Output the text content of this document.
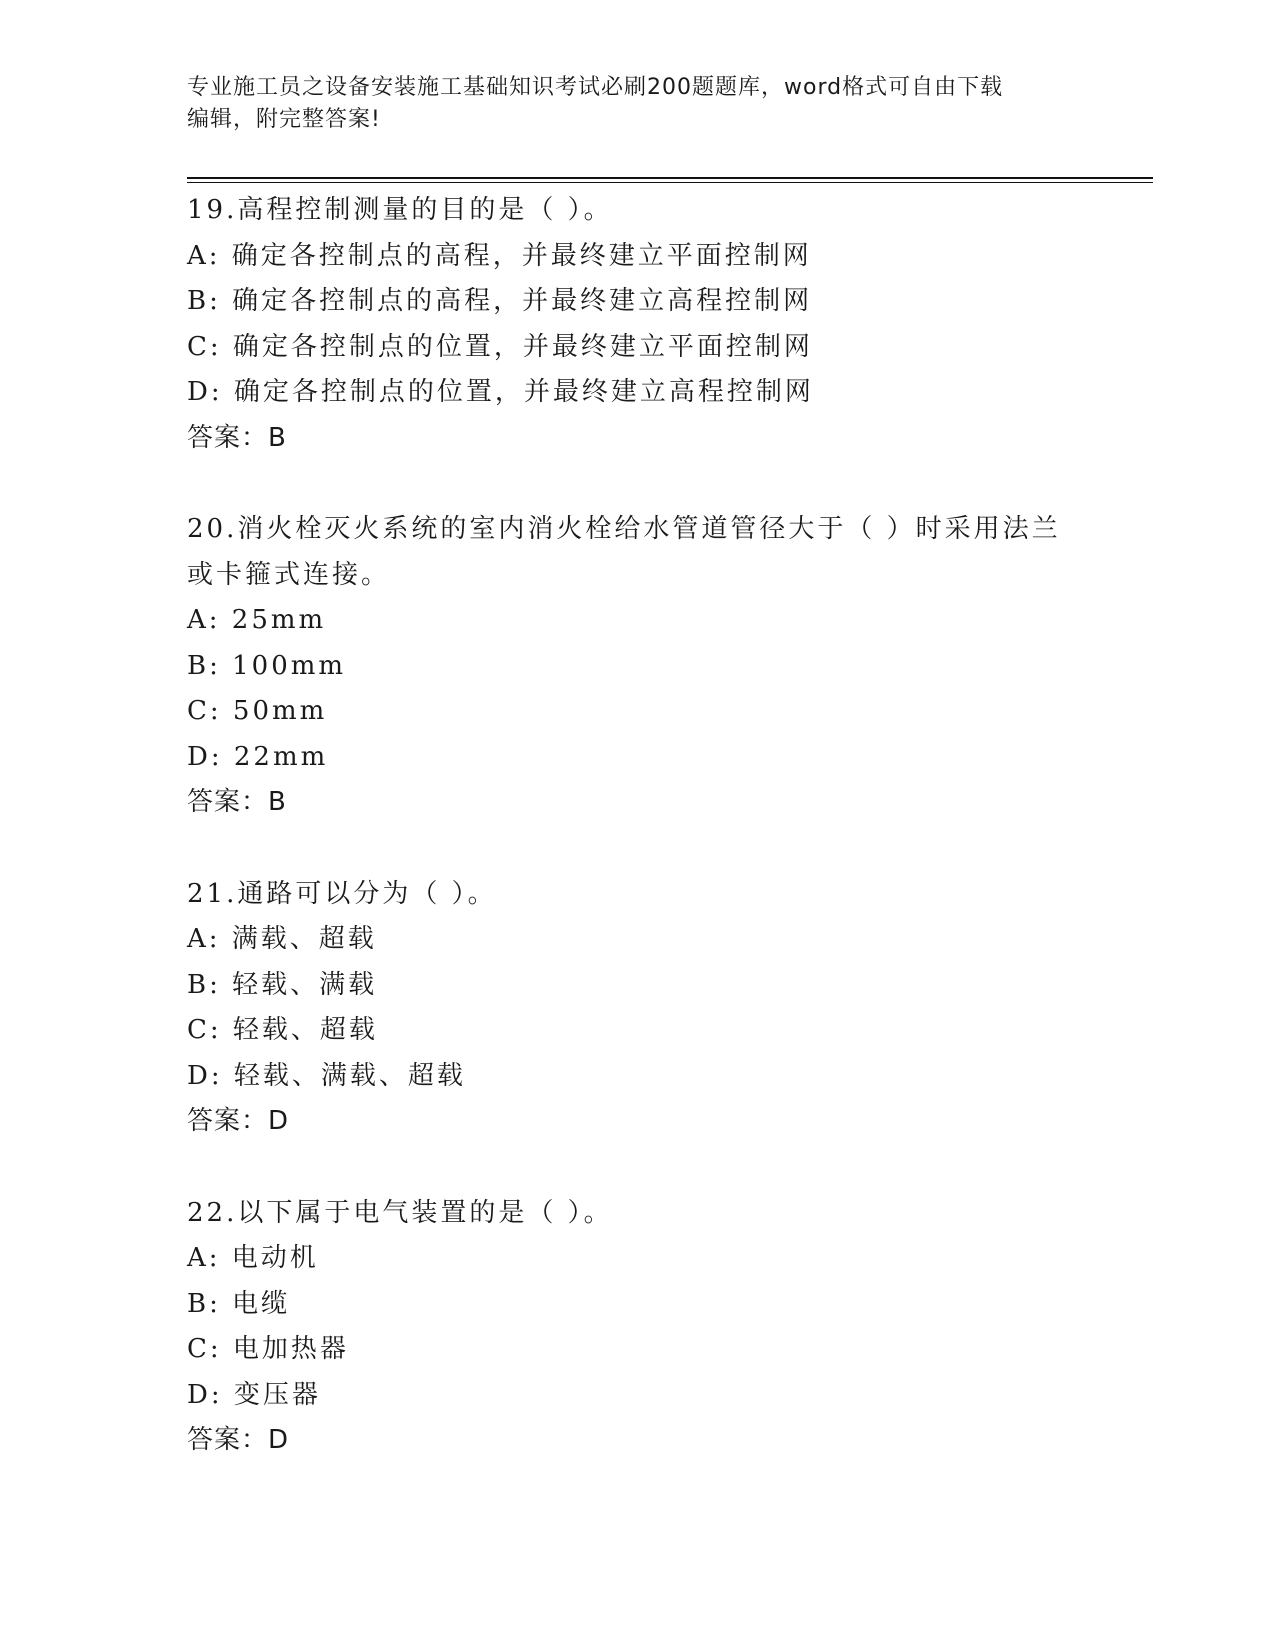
专业施工员之设备安装施工基础知识考试必刷200题题库，word格式可自由下载
编辑，附完整答案!
19.高程控制测量的目的是（ ）。
A: 确定各控制点的高程，并最终建立平面控制网
B: 确定各控制点的高程，并最终建立高程控制网
C: 确定各控制点的位置，并最终建立平面控制网
D: 确定各控制点的位置，并最终建立高程控制网
答案：B
20.消火栓灭火系统的室内消火栓给水管道管径大于（ ）时采用法兰或卡箍式连接。
A: 25mm
B: 100mm
C: 50mm
D: 22mm
答案：B
21.通路可以分为（ ）。
A: 满载、超载
B: 轻载、满载
C: 轻载、超载
D: 轻载、满载、超载
答案：D
22.以下属于电气装置的是（ ）。
A: 电动机
B: 电缆
C: 电加热器
D: 变压器
答案：D
